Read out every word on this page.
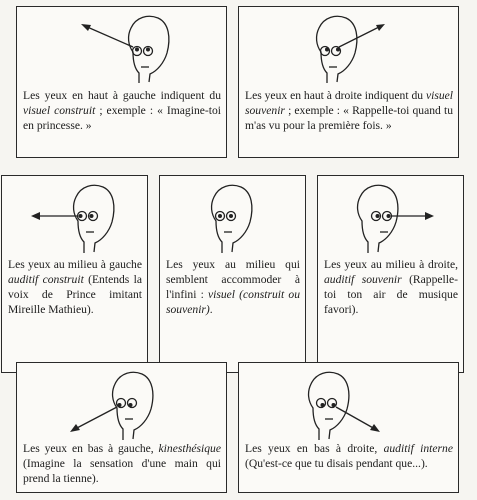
Les yeux en haut à gauche indiquent du visuel construit ; exemple : « Imagine-toi en princesse. »
Les yeux en haut à droite indiquent du visuel souvenir ; exemple : « Rappelle-toi quand tu m'as vu pour la première fois. »
Les yeux au milieu à gauche auditif construit (Entends la voix de Prince imitant Mireille Mathieu).
Les yeux au milieu qui semblent accommoder à l'infini : visuel (construit ou souvenir).
Les yeux au milieu à droite, auditif souvenir (Rappelle-toi ton air de musique favori).
Les yeux en bas à gauche, kinesthésique (Imagine la sensation d'une main qui prend la tienne).
Les yeux en bas à droite, auditif interne (Qu'est-ce que tu disais pendant que...).
